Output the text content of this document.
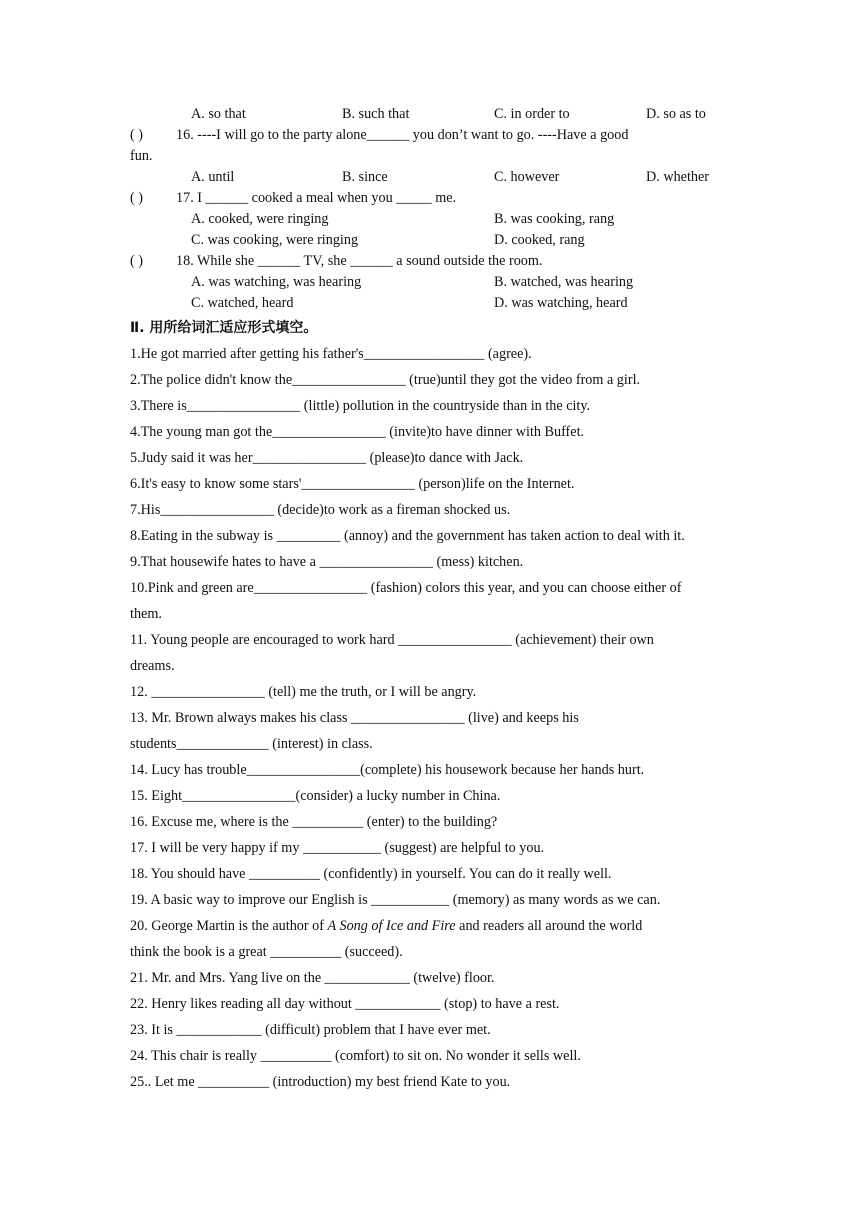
A. so that	B. such that	C. in order to	D. so as to
( ) 16. ----I will go to the party alone______ you don’t want to go. ----Have a good
fun.
A. until	B. since	C. however	D. whether
( ) 17. I ______ cooked a meal when you _____ me.
A. cooked, were ringing	B. was cooking, rang
C. was cooking, were ringing	D. cooked, rang
( ) 18. While she ______ TV, she ______ a sound outside the room.
A. was watching, was hearing	B. watched, was hearing
C. watched, heard	D. was watching, heard
Ⅱ. 用所给词汇适应形式填空。
1.He got married after getting his father's_________________ (agree).
2.The police didn't know the________________ (true)until they got the video from a girl.
3.There is________________ (little) pollution in the countryside than in the city.
4.The young man got the________________ (invite)to have dinner with Buffet.
5.Judy said it was her________________ (please)to dance with Jack.
6.It's easy to know some stars'________________ (person)life on the Internet.
7.His________________ (decide)to work as a fireman shocked us.
8.Eating in the subway is _________ (annoy) and the government has taken action to deal with it.
9.That housewife hates to have a ________________ (mess) kitchen.
10.Pink and green are________________ (fashion) colors this year, and you can choose either of
them.
11. Young people are encouraged to work hard ________________ (achievement) their own
dreams.
12. ________________ (tell) me the truth, or I will be angry.
13. Mr. Brown always makes his class ________________ (live) and keeps his
students_____________ (interest) in class.
14. Lucy has trouble________________(complete) his housework because her hands hurt.
15. Eight________________(consider) a lucky number in China.
16. Excuse me, where is the __________ (enter) to the building?
17. I will be very happy if my ___________ (suggest) are helpful to you.
18. You should have __________ (confidently) in yourself. You can do it really well.
19. A basic way to improve our English is ___________ (memory) as many words as we can.
20. George Martin is the author of A Song of Ice and Fire and readers all around the world
think the book is a great __________ (succeed).
21. Mr. and Mrs. Yang live on the ____________ (twelve) floor.
22. Henry likes reading all day without ____________ (stop) to have a rest.
23. It is ____________ (difficult) problem that I have ever met.
24. This chair is really __________ (comfort) to sit on. No wonder it sells well.
25.. Let me __________ (introduction) my best friend Kate to you.
